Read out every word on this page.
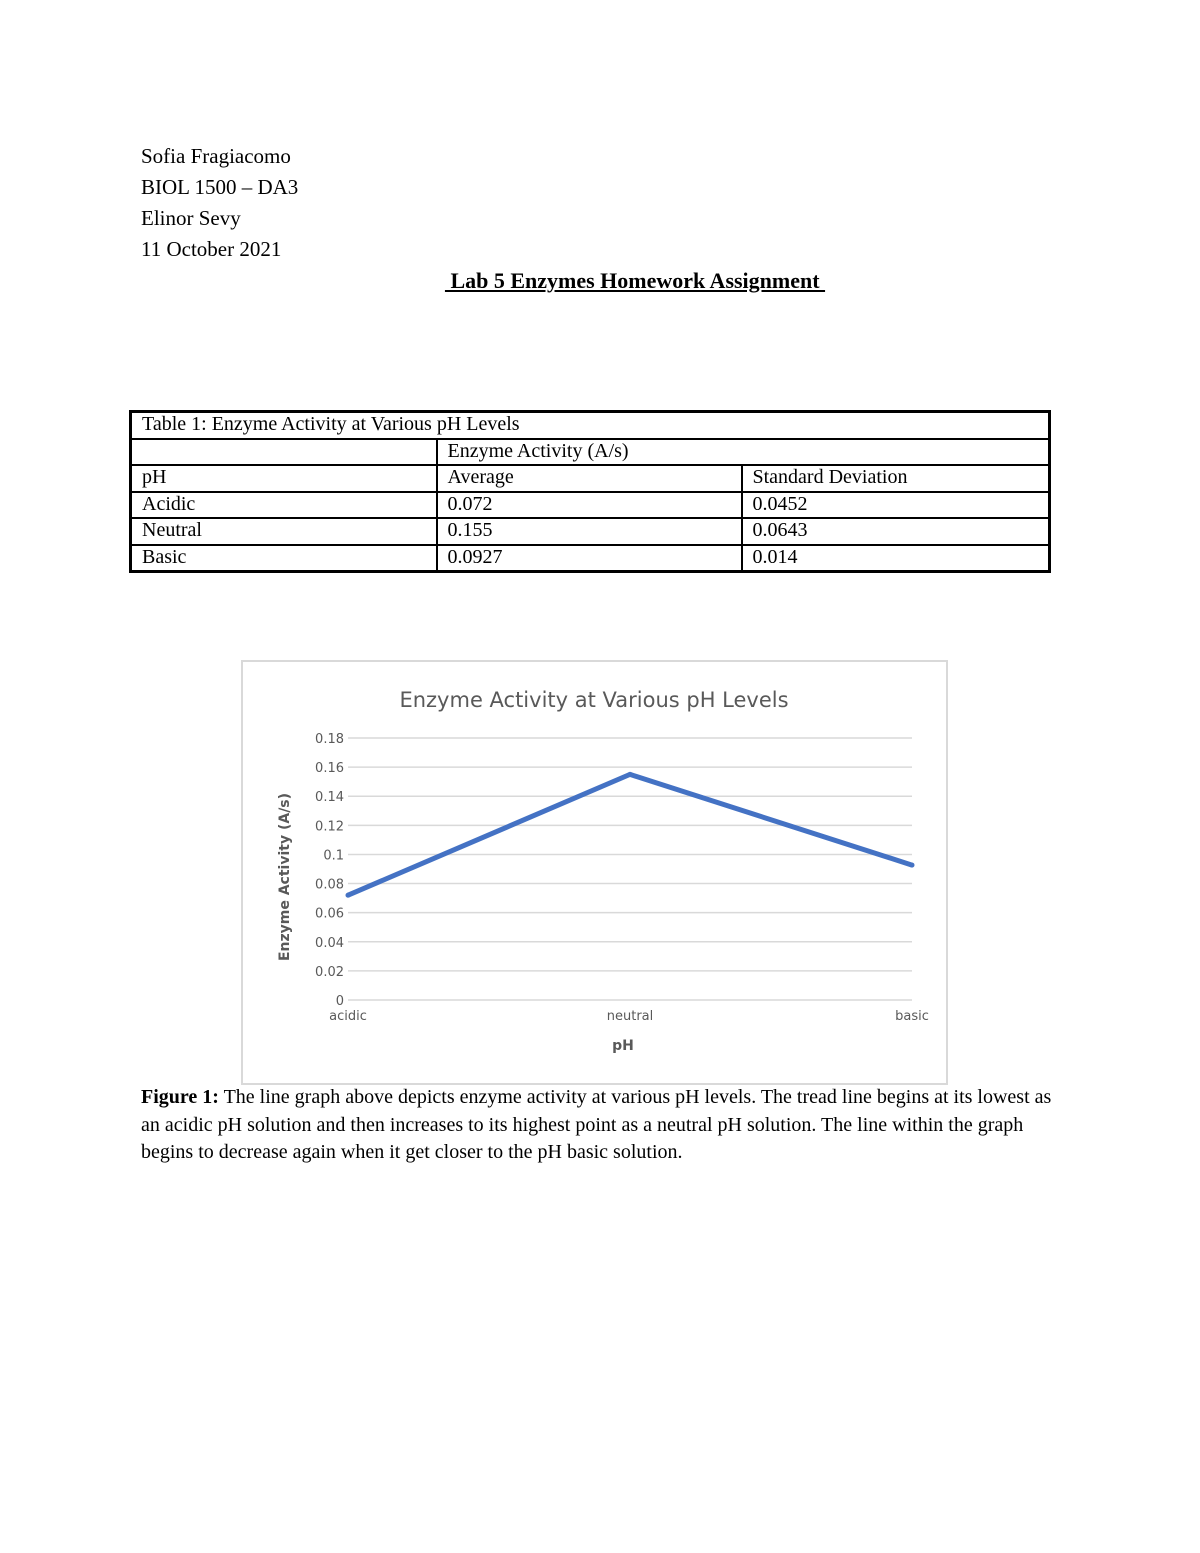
Sofia Fragiacomo
BIOL 1500 – DA3
Elinor Sevy
11 October 2021
Lab 5 Enzymes Homework Assignment
Table 1: Enzyme Activity at Various pH Levels		
	Enzyme Activity (A/s)	
pH	Average	Standard Deviation
Acidic	0.072	0.0452
Neutral	0.155	0.0643
Basic	0.0927	0.014
Enzyme Activity at Various pH Levels
0
0.02
0.04
0.06
0.08
0.1
0.12
0.14
0.16
0.18
acidic	neutral	basic
pH
Enzyme Activity (A/s)
Figure 1: The line graph above depicts enzyme activity at various pH levels. The tread line begins at its lowest as an acidic pH solution and then increases to its highest point as a neutral pH solution. The line within the graph begins to decrease again when it get closer to the pH basic solution.
